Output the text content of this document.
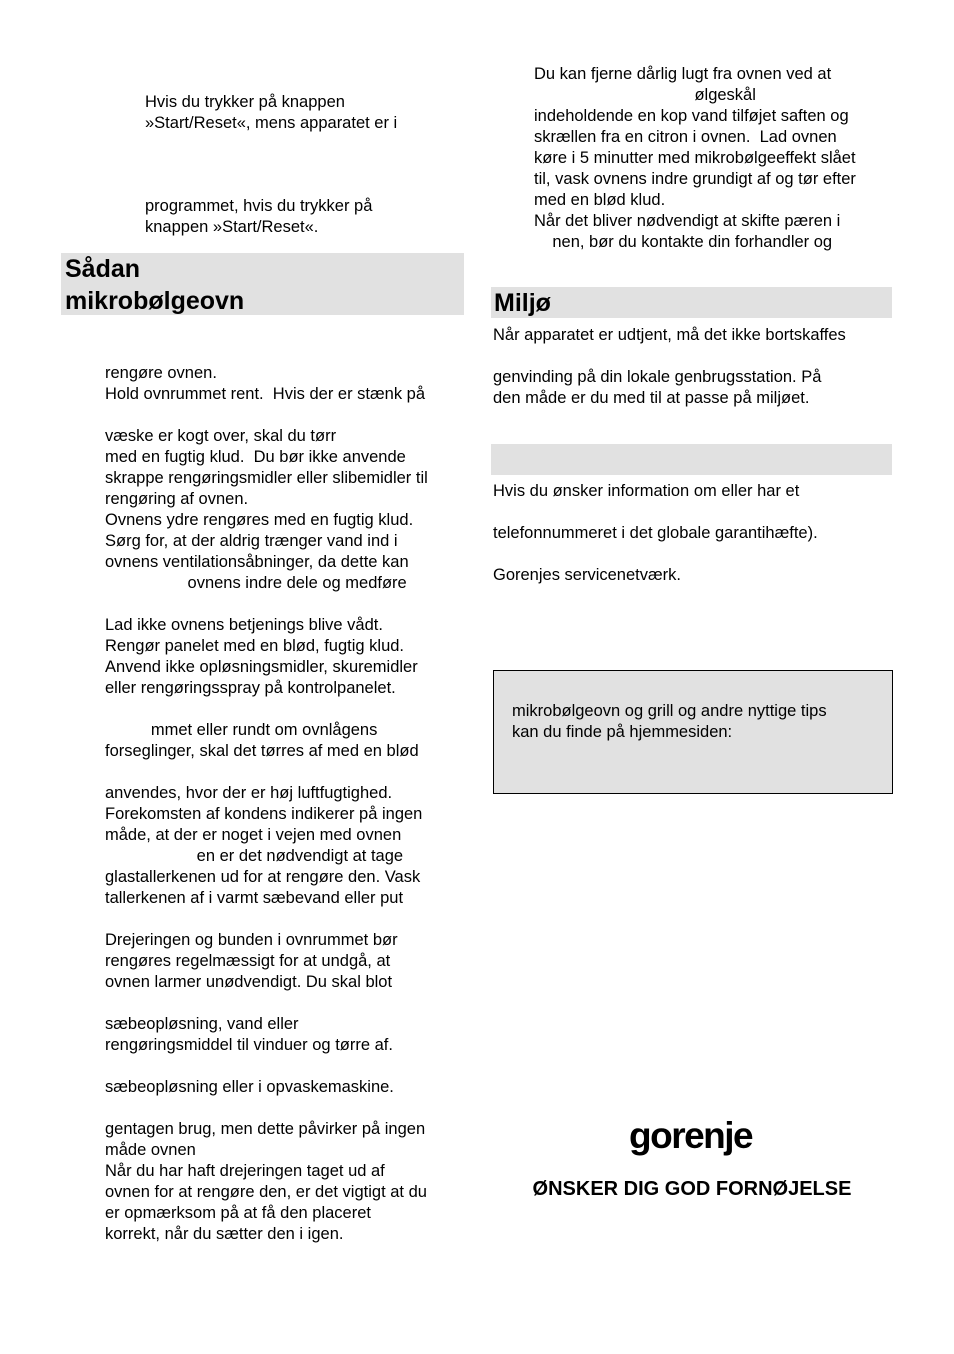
Hvis du trykker på knappen
»Start/Reset«, mens apparatet er i
programmet, hvis du trykker på
knappen »Start/Reset«.
Sådan
mikrobølgeovn
rengøre ovnen.
Hold ovnrummet rent.  Hvis der er stænk på
væske er kogt over, skal du tørr
med en fugtig klud.  Du bør ikke anvende
skrappe rengøringsmidler eller slibemidler til
rengøring af ovnen.
Ovnens ydre rengøres med en fugtig klud.
Sørg for, at der aldrig trænger vand ind i
ovnens ventilationsåbninger, da dette kan
ovnens indre dele og medføre
Lad ikke ovnens betjenings blive vådt.
Rengør panelet med en blød, fugtig klud.
Anvend ikke opløsningsmidler, skuremidler
eller rengøringsspray på kontrolpanelet.
mmet eller rundt om ovnlågens
forseglinger, skal det tørres af med en blød
anvendes, hvor der er høj luftfugtighed.
Forekomsten af kondens indikerer på ingen
måde, at der er noget i vejen med ovnen
en er det nødvendigt at tage
glastallerkenen ud for at rengøre den. Vask
tallerkenen af i varmt sæbevand eller put
Drejeringen og bunden i ovnrummet bør
rengøres regelmæssigt for at undgå, at
ovnen larmer unødvendigt. Du skal blot
sæbeopløsning, vand eller
rengøringsmiddel til vinduer og tørre af.
sæbeopløsning eller i opvaskemaskine.
gentagen brug, men dette påvirker på ingen
måde ovnen
Når du har haft drejeringen taget ud af
ovnen for at rengøre den, er det vigtigt at du
er opmærksom på at få den placeret
korrekt, når du sætter den i igen.
Du kan fjerne dårlig lugt fra ovnen ved at
ølgeskål
indeholdende en kop vand tilføjet saften og
skrællen fra en citron i ovnen.  Lad ovnen
køre i 5 minutter med mikrobølgeeffekt slået
til, vask ovnens indre grundigt af og tør efter
med en blød klud.
Når det bliver nødvendigt at skifte pæren i
nen, bør du kontakte din forhandler og
Miljø
Når apparatet er udtjent, må det ikke bortskaffes
genvinding på din lokale genbrugsstation. På
den måde er du med til at passe på miljøet.
Hvis du ønsker information om eller har et
telefonnummeret i det globale garantihæfte).
Gorenjes servicenetværk.
mikrobølgeovn og grill og andre nyttige tips
kan du finde på hjemmesiden:
gorenje
ØNSKER DIG GOD FORNØJELSE
